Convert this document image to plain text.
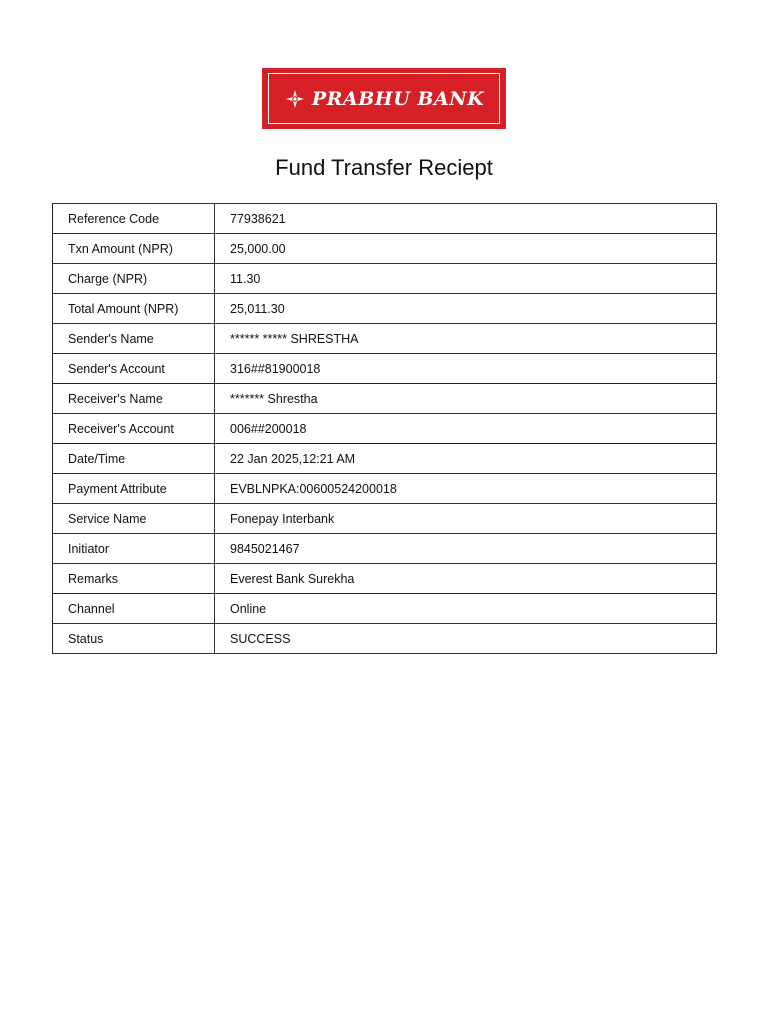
PRABHU BANK
Fund Transfer Reciept
Reference Code	77938621
Txn Amount (NPR)	25,000.00
Charge (NPR)	11.30
Total Amount (NPR)	25,011.30
Sender's Name	****** ***** SHRESTHA
Sender's Account	316##81900018
Receiver's Name	******* Shrestha
Receiver's Account	006##200018
Date/Time	22 Jan 2025,12:21 AM
Payment Attribute	EVBLNPKA:00600524200018
Service Name	Fonepay Interbank
Initiator	9845021467
Remarks	Everest Bank Surekha
Channel	Online
Status	SUCCESS
